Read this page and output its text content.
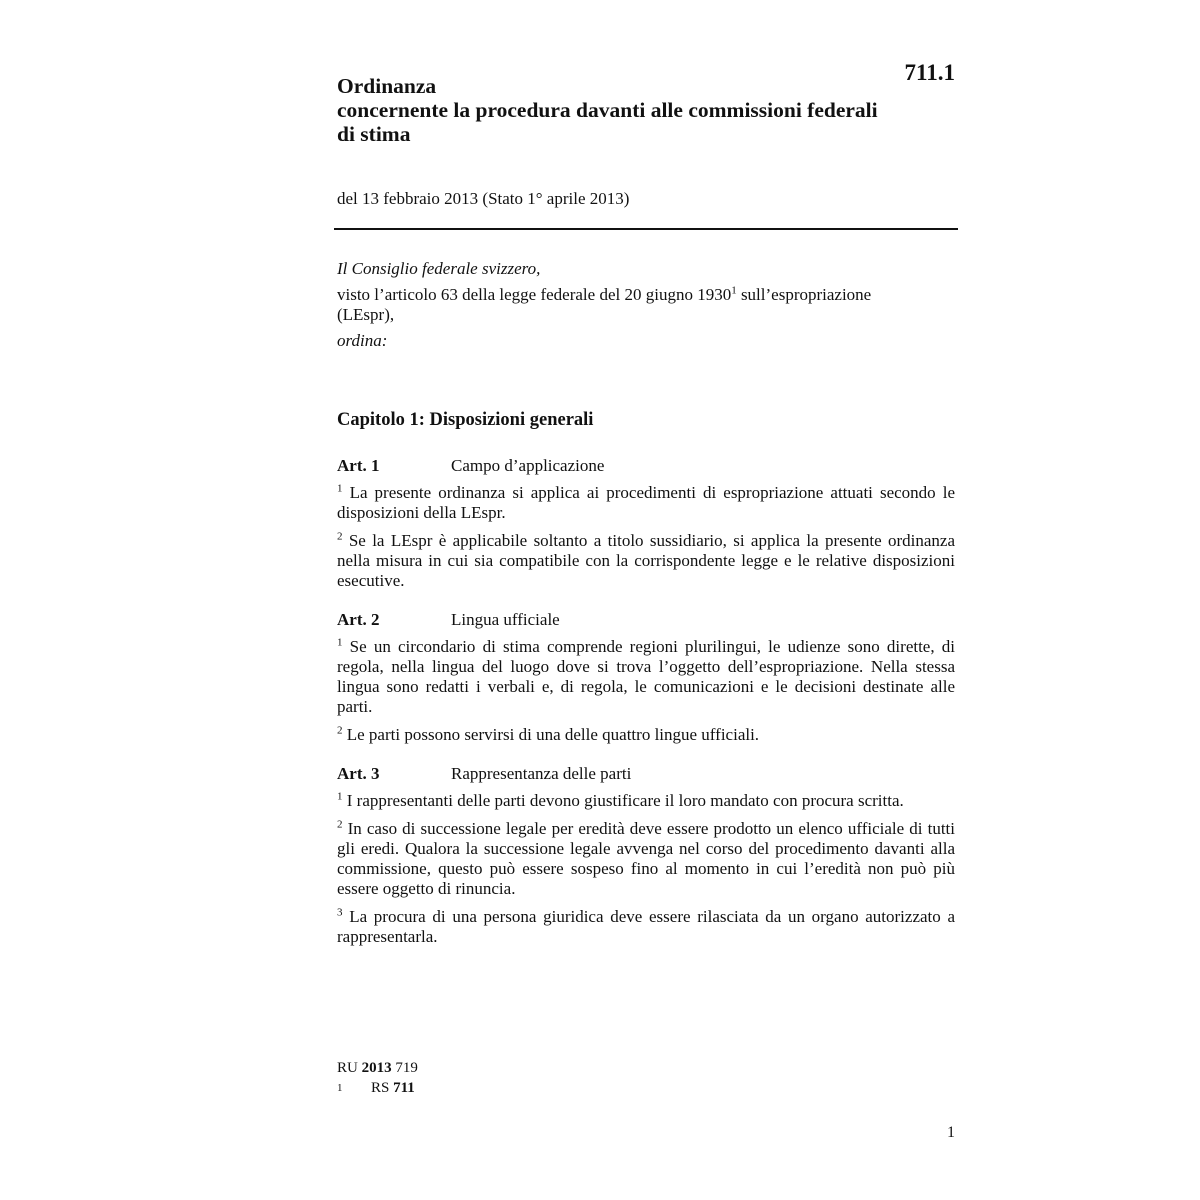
711.1
Ordinanza
concernente la procedura davanti alle commissioni federali
di stima
del 13 febbraio 2013 (Stato 1° aprile 2013)

Il Consiglio federale svizzero,

visto l’articolo 63 della legge federale del 20 giugno 1930$^1$ sull’espropriazione
(LEspr),

ordina:

Capitolo 1: Disposizioni generali
Art. 1	Campo d’applicazione

$^1$ La presente ordinanza si applica ai procedimenti di espropriazione attuati secondo le disposizioni della LEspr.

$^2$ Se la LEspr è applicabile soltanto a titolo sussidiario, si applica la presente ordinanza nella misura in cui sia compatibile con la corrispondente legge e le relative disposizioni esecutive.

Art. 2	Lingua ufficiale

$^1$ Se un circondario di stima comprende regioni plurilingui, le udienze sono dirette, di regola, nella lingua del luogo dove si trova l’oggetto dell’espropriazione. Nella stessa lingua sono redatti i verbali e, di regola, le comunicazioni e le decisioni destinate alle parti.

$^2$ Le parti possono servirsi di una delle quattro lingue ufficiali.

Art. 3	Rappresentanza delle parti

$^1$ I rappresentanti delle parti devono giustificare il loro mandato con procura scritta.

$^2$ In caso di successione legale per eredità deve essere prodotto un elenco ufficiale di tutti gli eredi. Qualora la successione legale avvenga nel corso del procedimento davanti alla commissione, questo può essere sospeso fino al momento in cui l’eredità non può più essere oggetto di rinuncia.

$^3$ La procura di una persona giuridica deve essere rilasciata da un organo autorizzato a rappresentarla.

RU 2013 719
1	RS 711
1
